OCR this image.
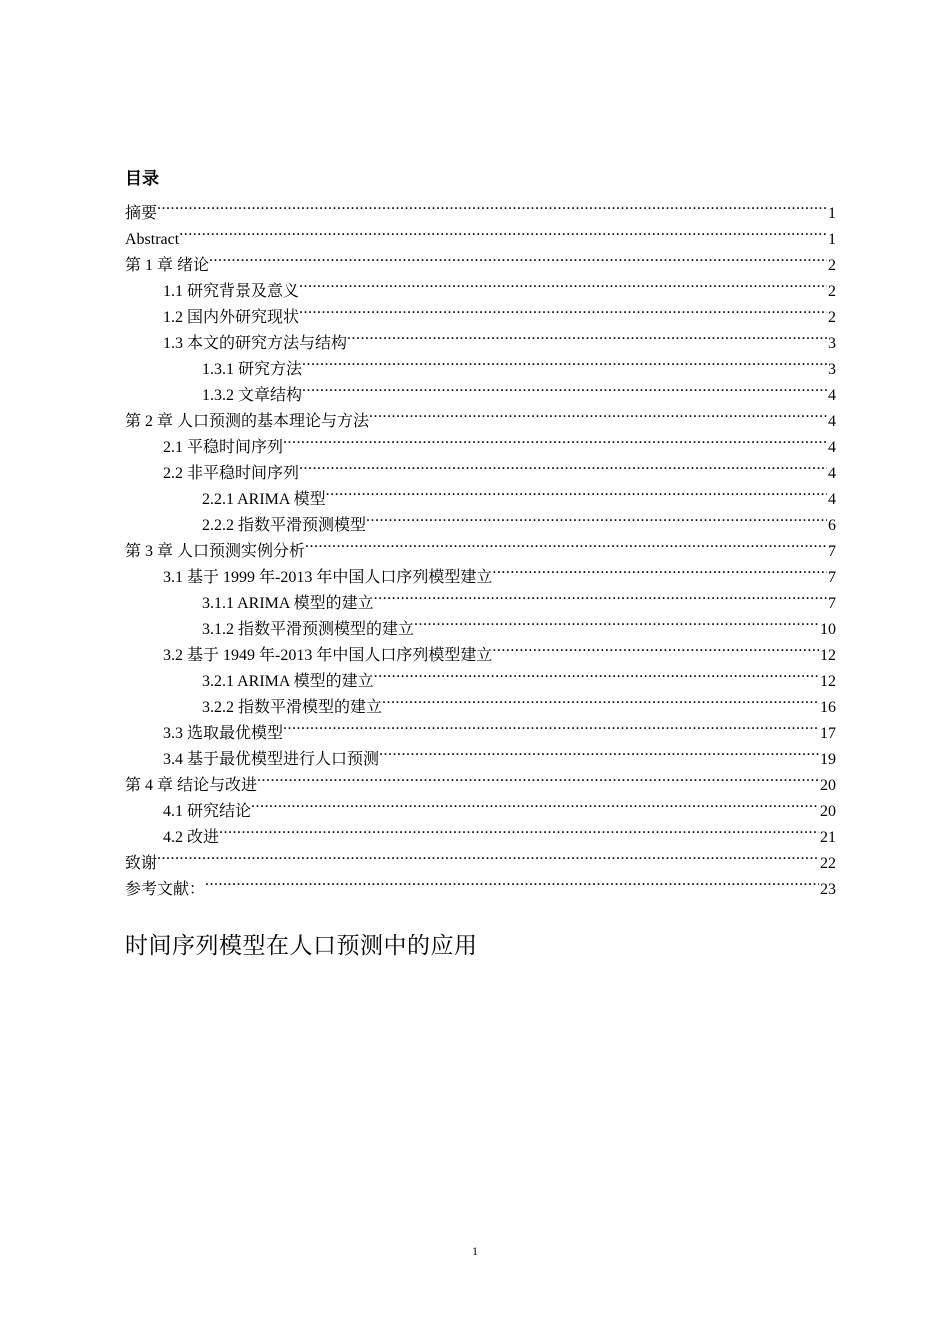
目录
摘要 .....	1
Abstract .....	1
第 1 章 绪论 .....	2
1.1 研究背景及意义 .....	2
1.2 国内外研究现状 .....	2
1.3 本文的研究方法与结构 .....	3
1.3.1 研究方法 .....	3
1.3.2 文章结构 .....	4
第 2 章 人口预测的基本理论与方法 .....	4
2.1 平稳时间序列 .....	4
2.2 非平稳时间序列 .....	4
2.2.1 ARIMA 模型 .....	4
2.2.2 指数平滑预测模型 .....	6
第 3 章 人口预测实例分析 .....	7
3.1 基于 1999 年-2013 年中国人口序列模型建立 .....	7
3.1.1 ARIMA 模型的建立 .....	7
3.1.2 指数平滑预测模型的建立 .....	10
3.2 基于 1949 年-2013 年中国人口序列模型建立 .....	12
3.2.1 ARIMA 模型的建立 .....	12
3.2.2 指数平滑模型的建立 .....	16
3.3 选取最优模型 .....	17
3.4 基于最优模型进行人口预测 .....	19
第 4 章 结论与改进 .....	20
4.1 研究结论 .....	20
4.2 改进 .....	21
致谢 .....	22
参考文献： .....	23
时间序列模型在人口预测中的应用
1
